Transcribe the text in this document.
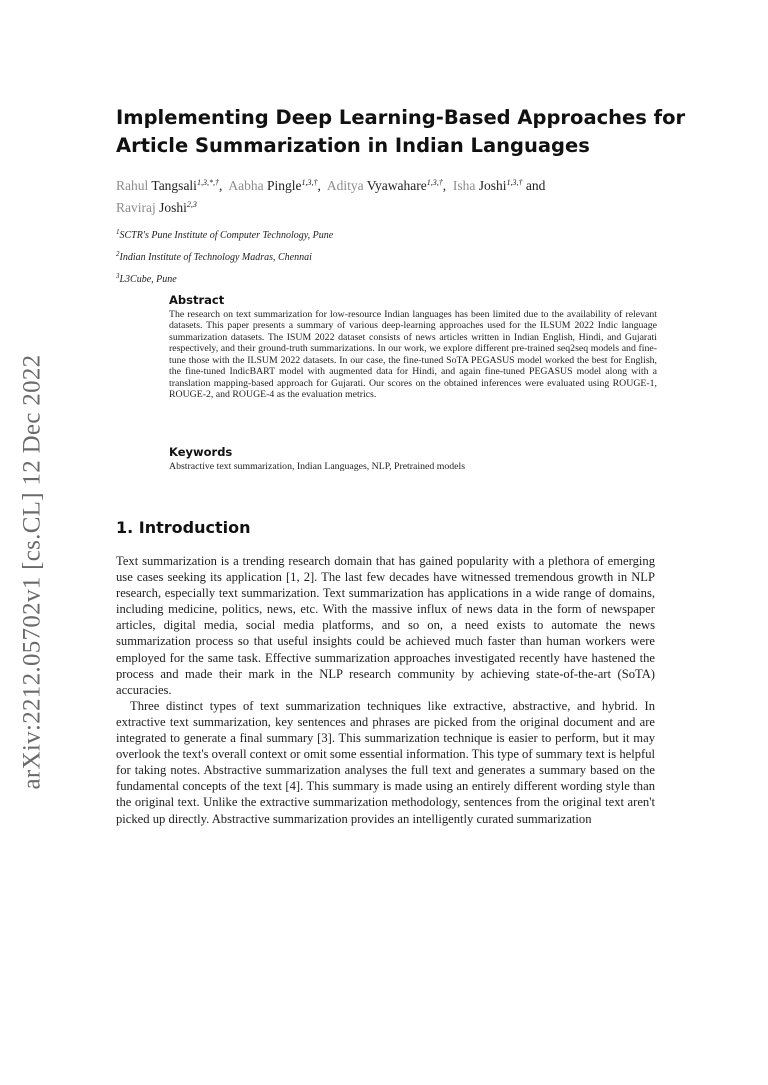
arXiv:2212.05702v1 [cs.CL] 12 Dec 2022
Implementing Deep Learning-Based Approaches for
Article Summarization in Indian Languages
Rahul Tangsali$^{1,3,*,\dagger}$,  Aabha Pingle$^{1,3,\dagger}$,  Aditya Vyawahare$^{1,3,\dagger}$,  Isha Joshi$^{1,3,\dagger}$ and
Raviraj Joshi$^{2,3}$
$^1$SCTR's Pune Institute of Computer Technology, Pune
$^2$Indian Institute of Technology Madras, Chennai
$^3$L3Cube, Pune
Abstract

The research on text summarization for low-resource Indian languages has been limited due to the availability of relevant datasets. This paper presents a summary of various deep-learning approaches used for the ILSUM 2022 Indic language summarization datasets. The ISUM 2022 dataset consists of news articles written in Indian English, Hindi, and Gujarati respectively, and their ground-truth summarizations. In our work, we explore different pre-trained seq2seq models and fine-tune those with the ILSUM 2022 datasets. In our case, the fine-tuned SoTA PEGASUS model worked the best for English, the fine-tuned IndicBART model with augmented data for Hindi, and again fine-tuned PEGASUS model along with a translation mapping-based approach for Gujarati. Our scores on the obtained inferences were evaluated using ROUGE-1, ROUGE-2, and ROUGE-4 as the evaluation metrics.

Keywords

Abstractive text summarization, Indian Languages, NLP, Pretrained models

1. Introduction

Text summarization is a trending research domain that has gained popularity with a plethora of emerging use cases seeking its application [1, 2]. The last few decades have witnessed tremendous growth in NLP research, especially text summarization. Text summarization has applications in a wide range of domains, including medicine, politics, news, etc. With the massive influx of news data in the form of newspaper articles, digital media, social media platforms, and so on, a need exists to automate the news summarization process so that useful insights could be achieved much faster than human workers were employed for the same task. Effective summarization approaches investigated recently have hastened the process and made their mark in the NLP research community by achieving state-of-the-art (SoTA) accuracies.

Three distinct types of text summarization techniques like extractive, abstractive, and hybrid. In extractive text summarization, key sentences and phrases are picked from the original document and are integrated to generate a final summary [3]. This summarization technique is easier to perform, but it may overlook the text's overall context or omit some essential information. This type of summary text is helpful for taking notes. Abstractive summarization analyses the full text and generates a summary based on the fundamental concepts of the text [4]. This summary is made using an entirely different wording style than the original text. Unlike the extractive summarization methodology, sentences from the original text aren't picked up directly. Abstractive summarization provides an intelligently curated summarization
